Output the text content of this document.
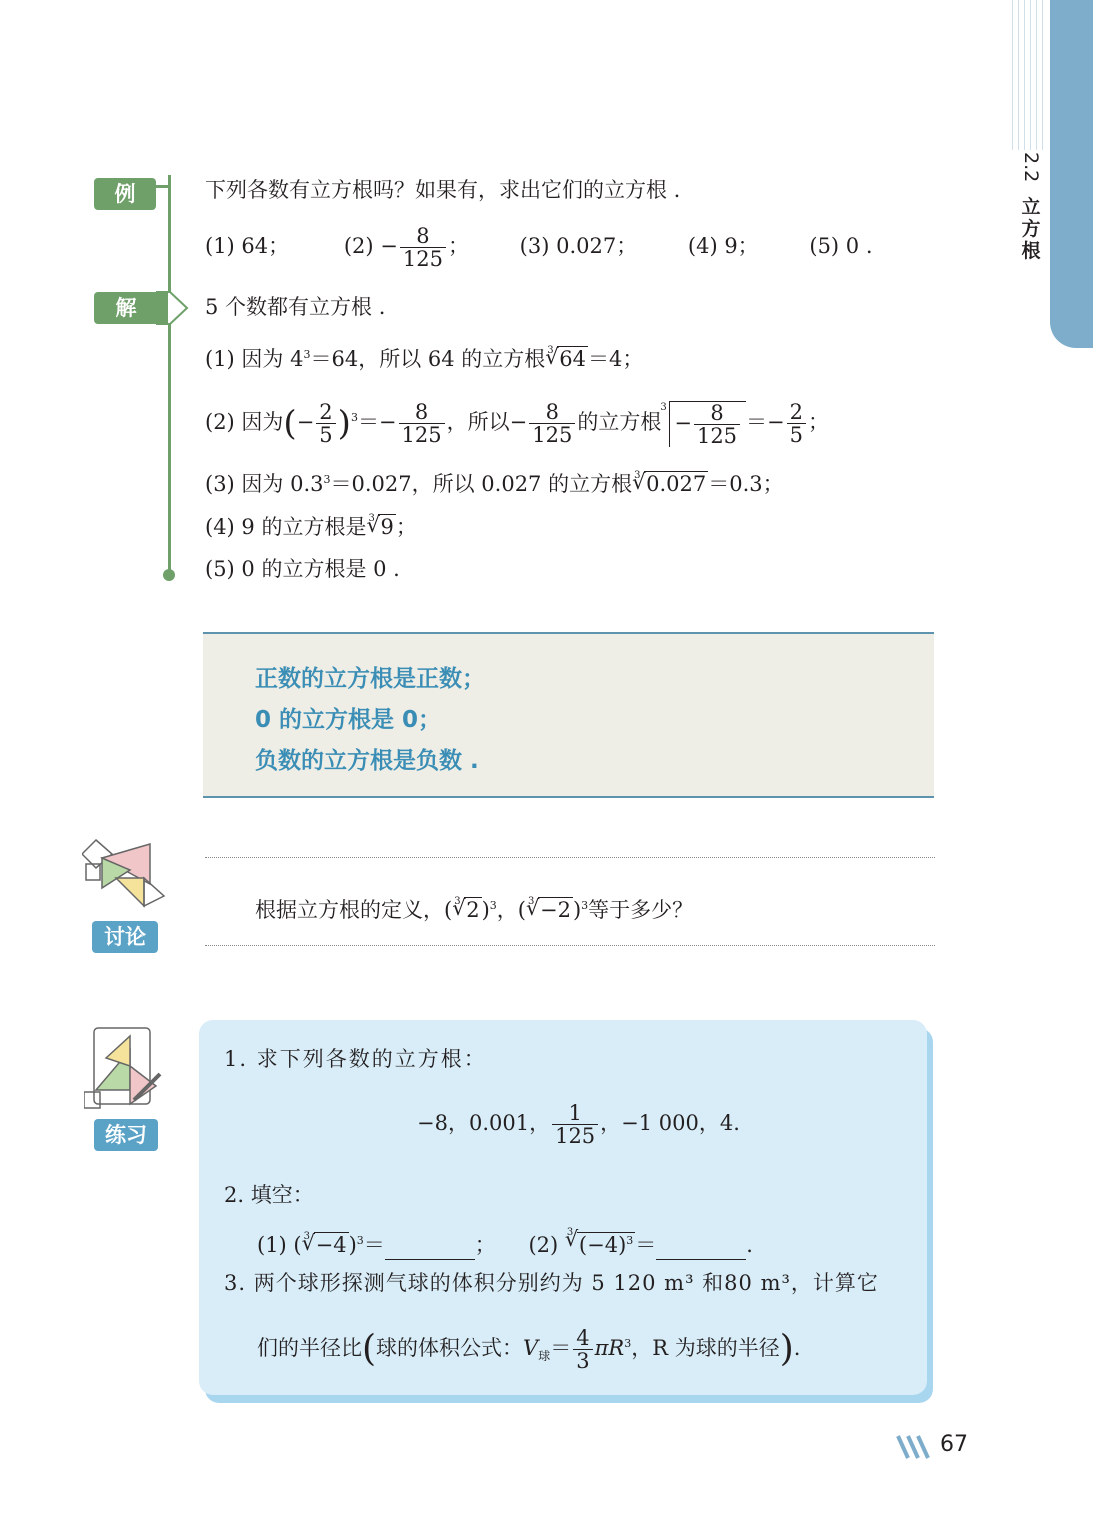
2.2
立方根
例	下列各数有立方根吗？如果有，求出它们的立方根 .
(1) 64；	$(2) - \frac{8}{125}$ ； (3) 0.027； (4) 9； (5) 0 .
解	5 个数都有立方根 .
(1) 因为 $4^3=64$，所以 64 的立方根 √ 3 64＝4；
(2) 因为(− $\frac{2}{5} )^3=- \frac{8}{125}$ ，所以− $\frac{8}{125}$ 的立方根
3
− $\frac{8}{125} =- \frac{2}{5}$ ；
(3) 因为 $0.3^3=0.027$，所以 0.027 的立方根 √ 3 0.027＝0.3；
(4) 9 的立方根是 √ 3 9；
(5) 0 的立方根是 0 .
正数的立方根是正数；
0 的立方根是 0；
负数的立方根是负数 .
讨论
根据立方根的定义，( √ 3 2)$^3$，( √ 3 −2)$^3$等于多少？
练习
1. 求下列各数的立方根：
−8，0.001， $\frac{1}{125}$ ，−1 000，4.
2. 填空：
(1) ( √ 3 −4)$^3$＝	； (2)
√ 3
$(-4)^3=$	.
3. 两个球形探测气球的体积分别约为 5 120 m³ 和80 m³，计算它
们的半径比(球的体积公式：$V_球= \frac{4}{3} \pi R^3$，R 为球的半径).
67
